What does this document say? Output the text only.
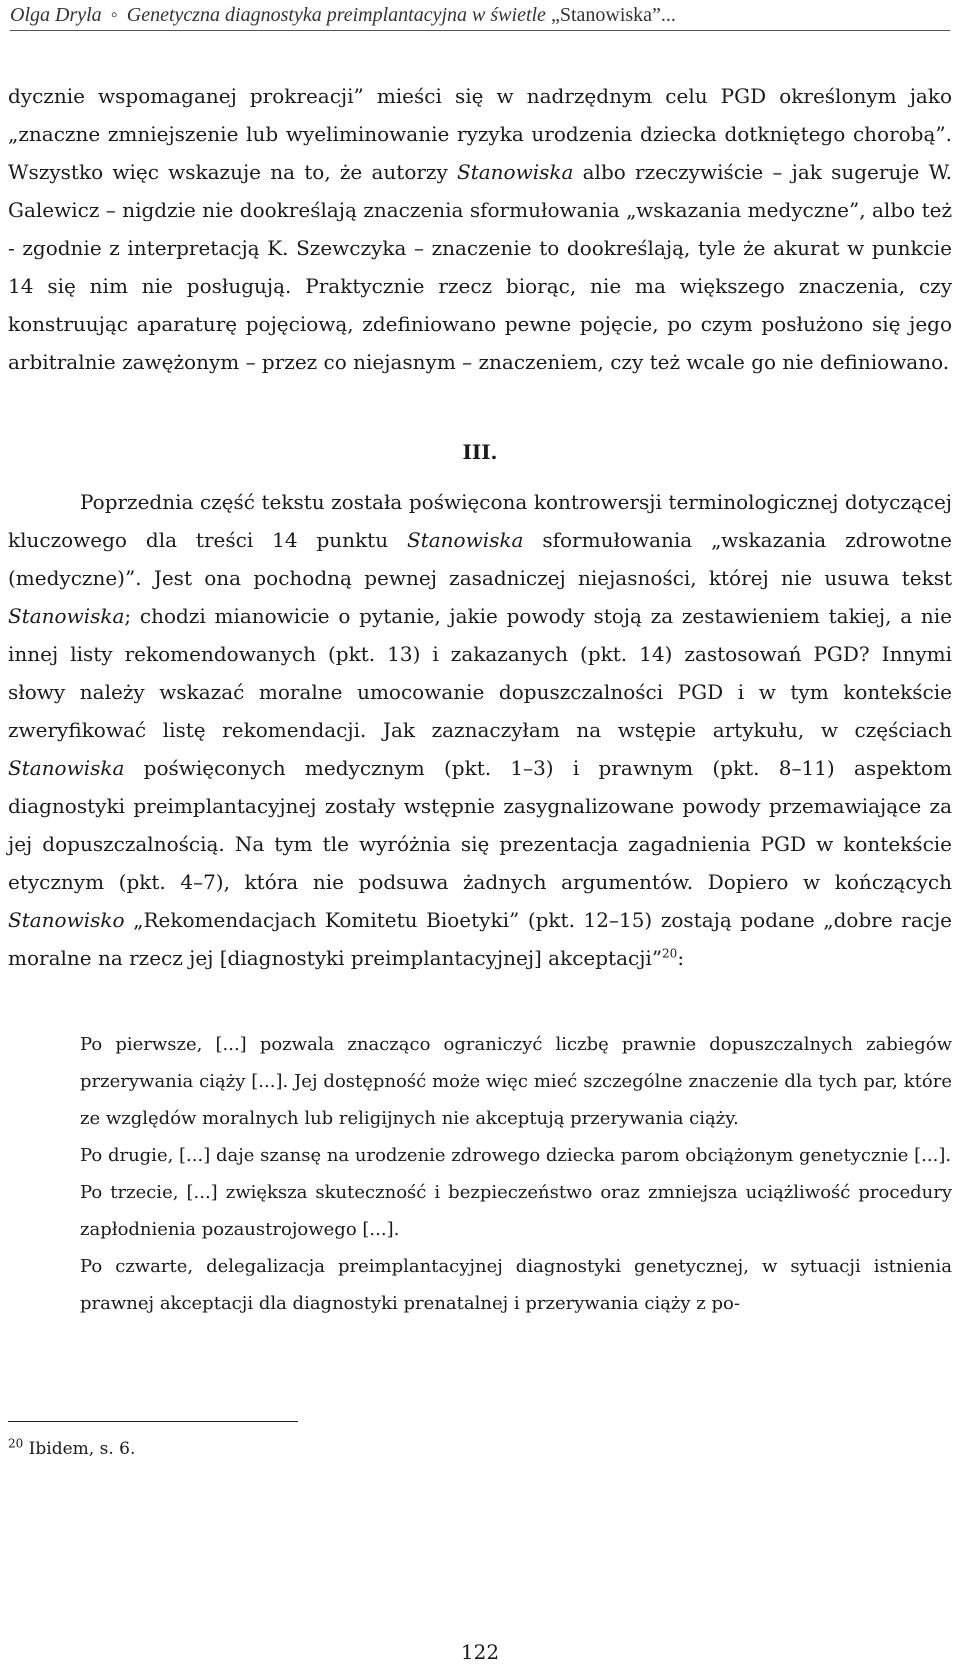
Olga Dryla ◦ Genetyczna diagnostyka preimplantacyjna w świetle „Stanowiska”...

dycznie wspomaganej prokreacji” mieści się w nadrzędnym celu PGD określonym jako „znaczne zmniejszenie lub wyeliminowanie ryzyka urodzenia dziecka dotkniętego chorobą”. Wszystko więc wskazuje na to, że autorzy Stanowiska albo rzeczywiście – jak sugeruje W. Galewicz – nigdzie nie dookreślają znaczenia sformułowania „wskazania medyczne”, albo też - zgodnie z interpretacją K. Szewczyka – znaczenie to dookreślają, tyle że akurat w punkcie 14 się nim nie posługują. Praktycznie rzecz biorąc, nie ma większego znaczenia, czy konstruując aparaturę pojęciową, zdefiniowano pewne pojęcie, po czym posłużono się jego arbitralnie zawężonym – przez co niejasnym – znaczeniem, czy też wcale go nie definiowano.

III.

Poprzednia część tekstu została poświęcona kontrowersji terminologicznej dotyczącej kluczowego dla treści 14 punktu Stanowiska sformułowania „wskazania zdrowotne (medyczne)”. Jest ona pochodną pewnej zasadniczej niejasności, której nie usuwa tekst Stanowiska; chodzi mianowicie o pytanie, jakie powody stoją za zestawieniem takiej, a nie innej listy rekomendowanych (pkt. 13) i zakazanych (pkt. 14) zastosowań PGD? Innymi słowy należy wskazać moralne umocowanie dopuszczalności PGD i w tym kontekście zweryfikować listę rekomendacji. Jak zaznaczyłam na wstępie artykułu, w częściach Stanowiska poświęconych medycznym (pkt. 1–3) i prawnym (pkt. 8–11) aspektom diagnostyki preimplantacyjnej zostały wstępnie zasygnalizowane powody przemawiające za jej dopuszczalnością. Na tym tle wyróżnia się prezentacja zagadnienia PGD w kontekście etycznym (pkt. 4–7), która nie podsuwa żadnych argumentów. Dopiero w kończących Stanowisko „Rekomendacjach Komitetu Bioetyki” (pkt. 12–15) zostają podane „dobre racje moralne na rzecz jej [diagnostyki preimplantacyjnej] akceptacji”$^{20}$:

Po pierwsze, [...] pozwala znacząco ograniczyć liczbę prawnie dopuszczalnych zabiegów przerywania ciąży [...]. Jej dostępność może więc mieć szczególne znaczenie dla tych par, które ze względów moralnych lub religijnych nie akceptują przerywania ciąży.

Po drugie, [...] daje szansę na urodzenie zdrowego dziecka parom obciążonym genetycznie [...].

Po trzecie, [...] zwiększa skuteczność i bezpieczeństwo oraz zmniejsza uciążliwość procedury zapłodnienia pozaustrojowego [...].

Po czwarte, delegalizacja preimplantacyjnej diagnostyki genetycznej, w sytuacji istnienia prawnej akceptacji dla diagnostyki prenatalnej i przerywania ciąży z po-

$^{20}$ Ibidem, s. 6.
122
